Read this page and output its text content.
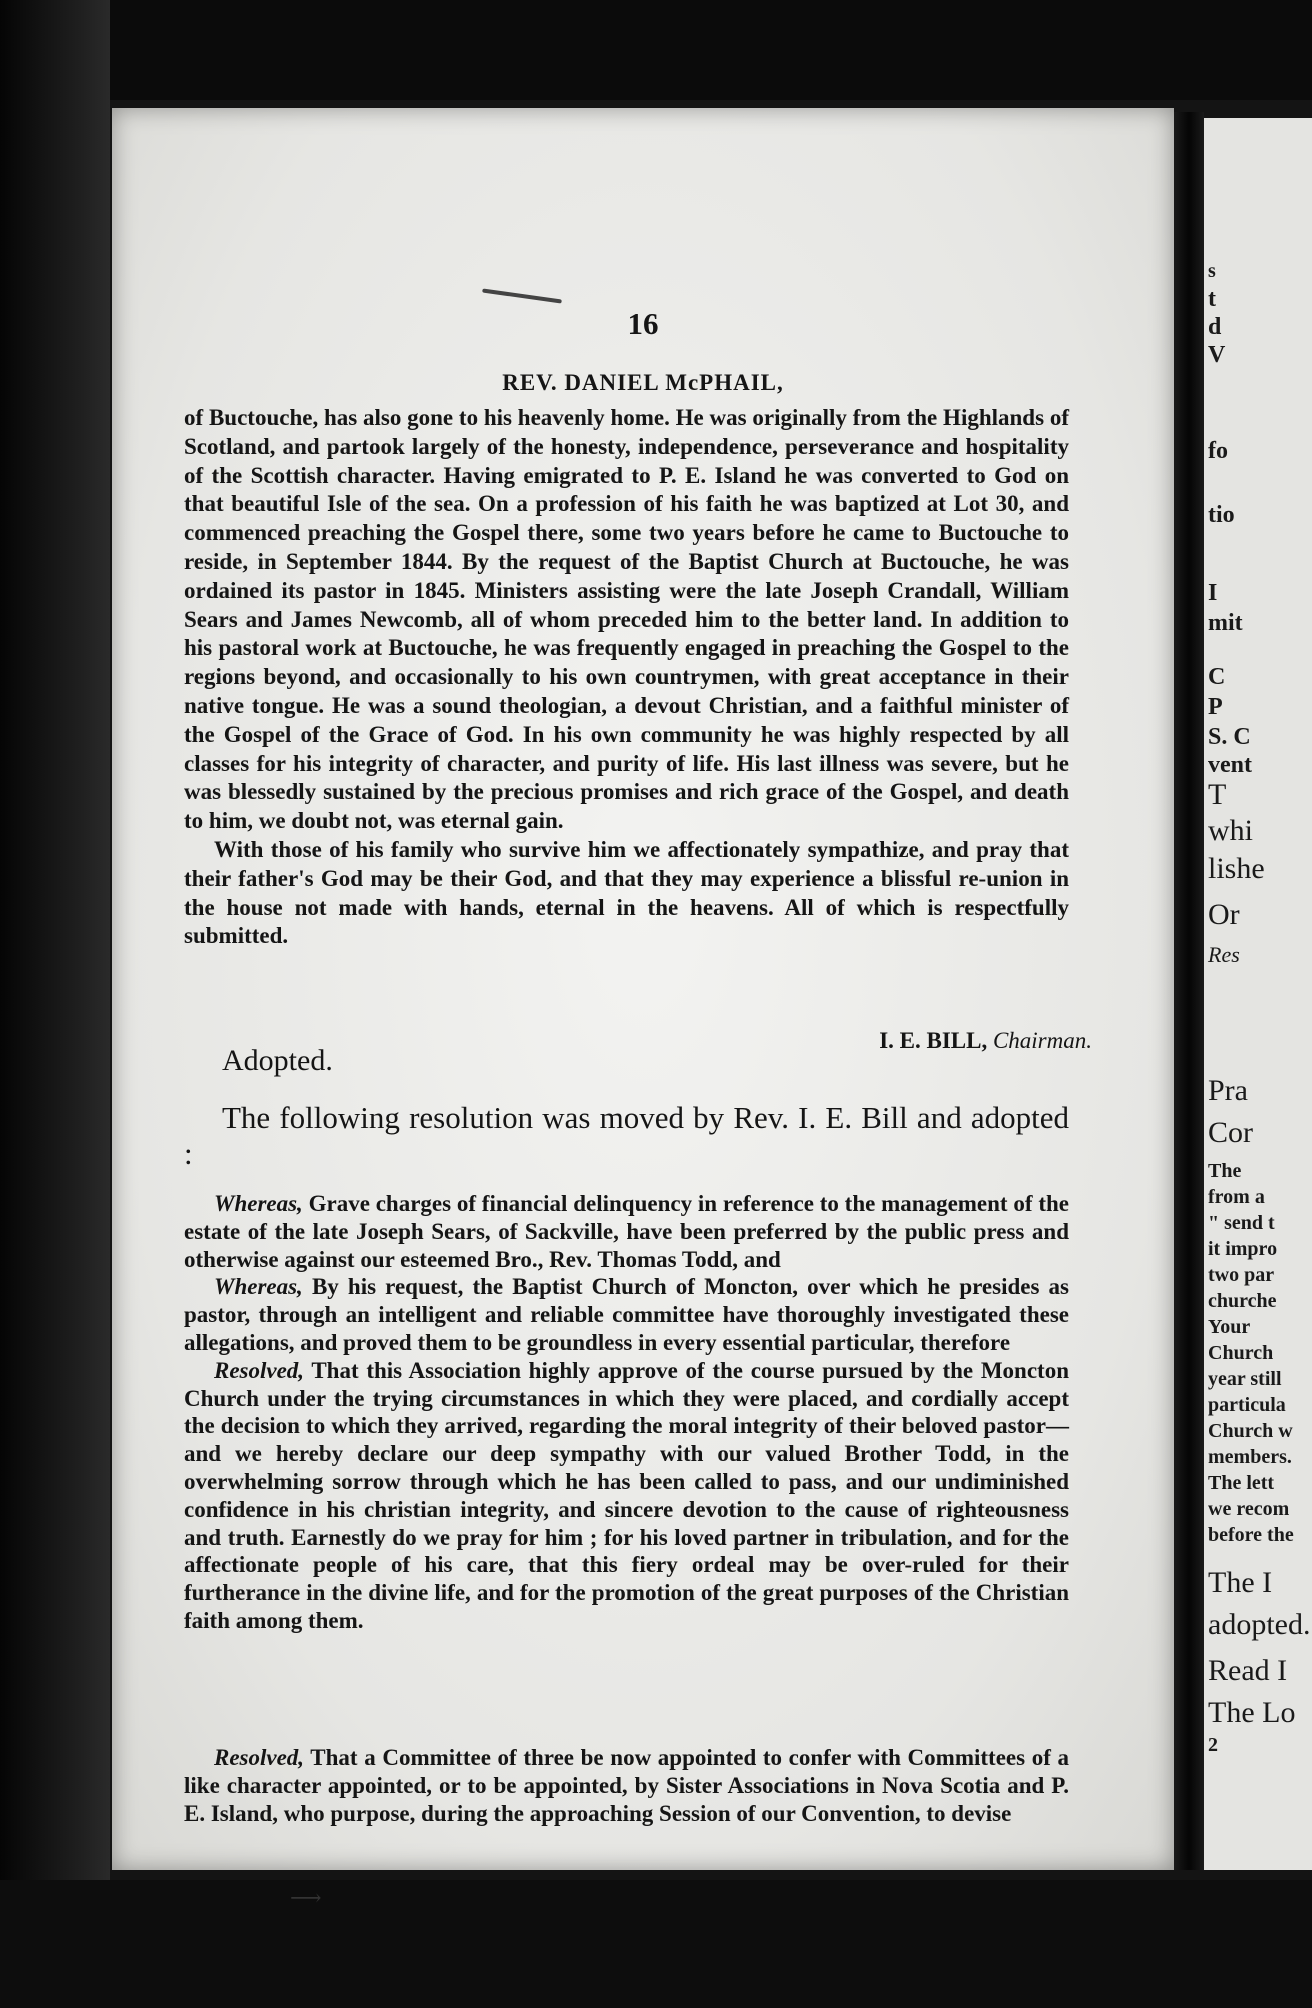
16
REV. DANIEL McPHAIL,

of Buctouche, has also gone to his heavenly home. He was originally from the Highlands of Scotland, and partook largely of the honesty, independence, perseverance and hospitality of the Scottish character. Having emigrated to P. E. Island he was converted to God on that beautiful Isle of the sea. On a profession of his faith he was baptized at Lot 30, and commenced preaching the Gospel there, some two years before he came to Buctouche to reside, in September 1844. By the request of the Baptist Church at Buctouche, he was ordained its pastor in 1845. Ministers assisting were the late Joseph Crandall, William Sears and James Newcomb, all of whom preceded him to the better land. In addition to his pastoral work at Buctouche, he was frequently engaged in preaching the Gospel to the regions beyond, and occasionally to his own countrymen, with great acceptance in their native tongue. He was a sound theologian, a devout Christian, and a faithful minister of the Gospel of the Grace of God. In his own community he was highly respected by all classes for his integrity of character, and purity of life. His last illness was severe, but he was blessedly sustained by the precious promises and rich grace of the Gospel, and death to him, we doubt not, was eternal gain.

With those of his family who survive him we affectionately sympathize, and pray that their father's God may be their God, and that they may experience a blissful re-union in the house not made with hands, eternal in the heavens. All of which is respectfully submitted.

I. E. BILL, Chairman.
Adopted.
The following resolution was moved by Rev. I. E. Bill and adopted :

Whereas, Grave charges of financial delinquency in reference to the management of the estate of the late Joseph Sears, of Sackville, have been preferred by the public press and otherwise against our esteemed Bro., Rev. Thomas Todd, and

Whereas, By his request, the Baptist Church of Moncton, over which he presides as pastor, through an intelligent and reliable committee have thoroughly investigated these allegations, and proved them to be groundless in every essential particular, therefore

Resolved, That this Association highly approve of the course pursued by the Moncton Church under the trying circumstances in which they were placed, and cordially accept the decision to which they arrived, regarding the moral integrity of their beloved pastor—and we hereby declare our deep sympathy with our valued Brother Todd, in the overwhelming sorrow through which he has been called to pass, and our undiminished confidence in his christian integrity, and sincere devotion to the cause of righteousness and truth. Earnestly do we pray for him ; for his loved partner in tribulation, and for the affectionate people of his care, that this fiery ordeal may be over-ruled for their furtherance in the divine life, and for the promotion of the great purposes of the Christian faith among them.

Resolved, That a Committee of three be now appointed to confer with Committees of a like character appointed, or to be appointed, by Sister Associations in Nova Scotia and P. E. Island, who purpose, during the approaching Session of our Convention, to devise

⟶
s
t
d
V
fo
tio
I
mit
C
P
S. C
vent
T
whi
lishe
Or
Res
Pra
Cor
The
from a
" send t
it impro
two par
churche
Your
Church
year still
particula
Church w
members.
The lett
we recom
before the
The I
adopted.
Read I
The Lo
2
